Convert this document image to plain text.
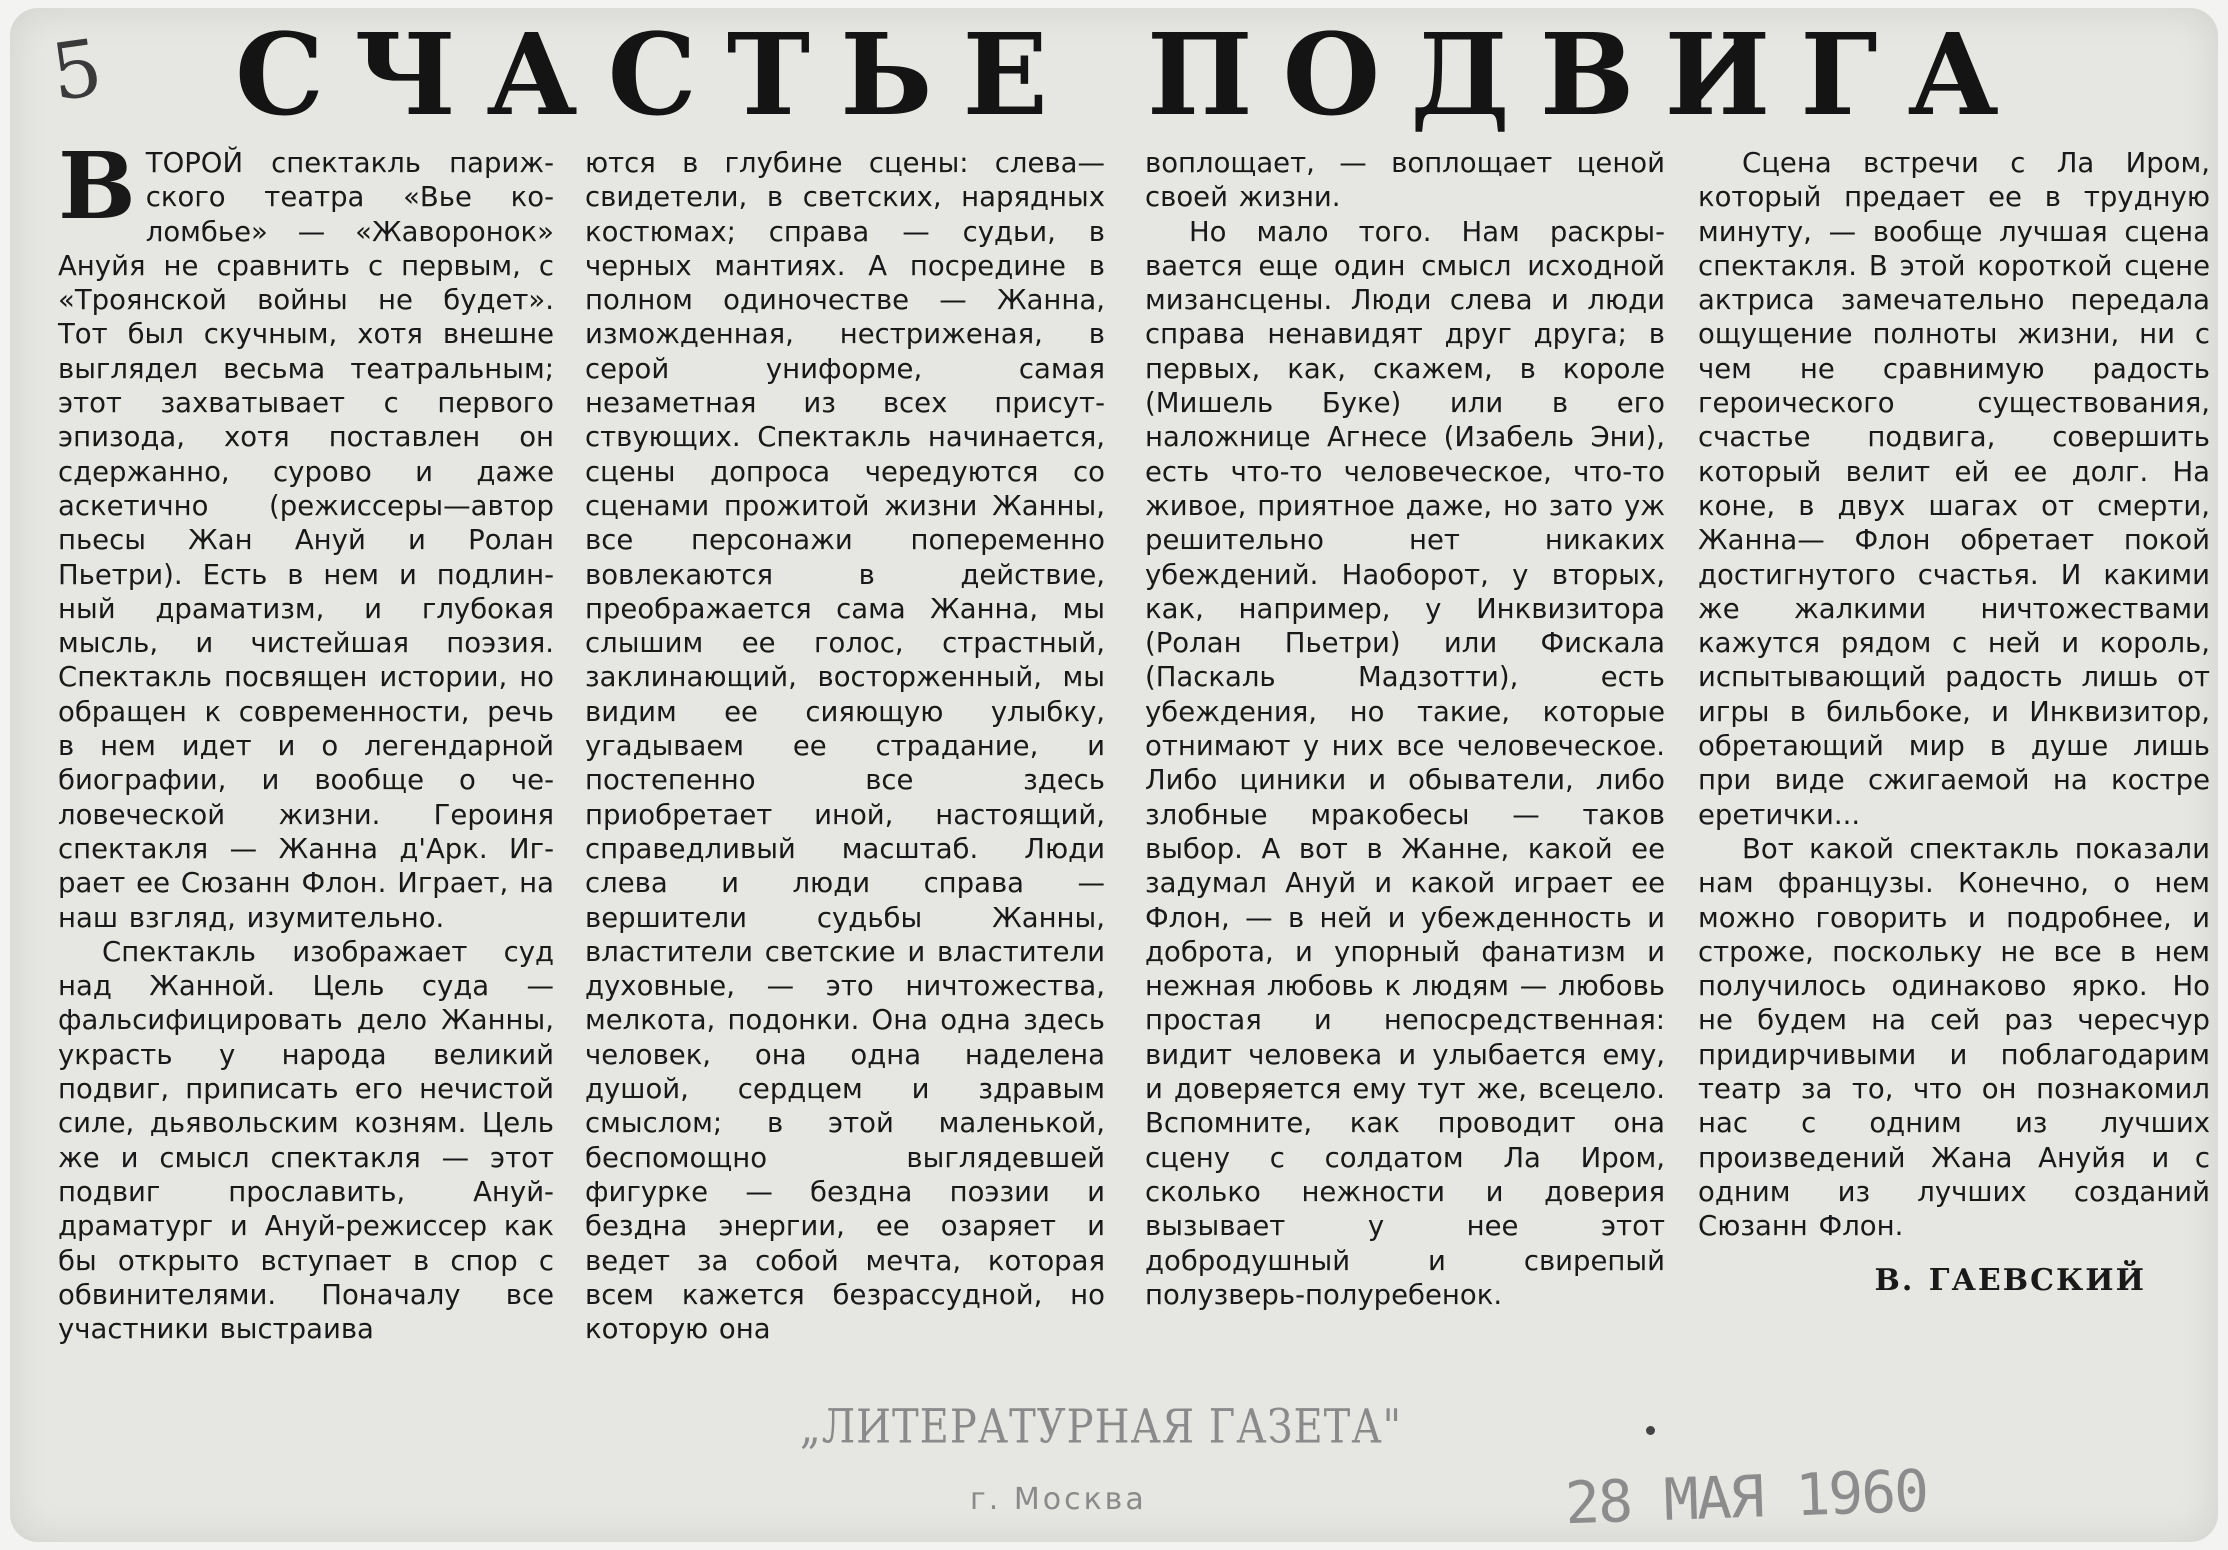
5 СЧАСТЬЕ ПОДВИГА

ВТОРОЙ спектакль парижского театра «Вье коломбье» — «Жаворонок» Ануйя не сравнить с первым, с «Троянской войны не будет». Тот был скучным, хотя внешне выглядел весьма театральным; этот захватывает с первого эпизода, хотя поставлен он сдержанно, сурово и даже аскетично (режиссеры—автор пьесы Жан Ануй и Ролан Пьетри). Есть в нем и подлинный драматизм, и глубокая мысль, и чистейшая поэзия. Спектакль посвящен истории, но обращен к современности, речь в нем идет и о легендарной биографии, и вообще о человеческой жизни. Героиня спектакля — Жанна д'Арк. Играет ее Сюзанн Флон. Играет, на наш взгляд, изумительно.

Спектакль изображает суд над Жанной. Цель суда — фальсифицировать дело Жанны, украсть у народа великий подвиг, приписать его нечистой силе, дьявольским козням. Цель же и смысл спектакля — этот подвиг прославить, Ануй-драматург и Ануй-режиссер как бы открыто вступает в спор с обвинителями. Поначалу все участники выстраива

ются в глубине сцены: слева— свидетели, в светских, нарядных костюмах; справа — судьи, в черных мантиях. А посредине в полном одиночестве — Жанна, изможденная, нестриженая, в серой униформе, самая незаметная из всех присутствующих. Спектакль начинается, сцены допроса чередуются со сценами прожитой жизни Жанны, все персонажи попеременно вовлекаются в действие, преображается сама Жанна, мы слышим ее голос, страстный, заклинающий, восторженный, мы видим ее сияющую улыбку, угадываем ее страдание, и постепенно все здесь приобретает иной, настоящий, справедливый масштаб. Люди слева и люди справа — вершители судьбы Жанны, властители светские и властители духовные, — это ничтожества, мелкота, подонки. Она одна здесь человек, она одна наделена душой, сердцем и здравым смыслом; в этой маленькой, беспомощно выглядевшей фигурке — бездна поэзии и бездна энергии, ее озаряет и ведет за собой мечта, которая всем кажется безрассудной, но которую она

воплощает, — воплощает ценой своей жизни.

Но мало того. Нам раскрывается еще один смысл исходной мизансцены. Люди слева и люди справа ненавидят друг друга; в первых, как, скажем, в короле (Мишель Буке) или в его наложнице Агнесе (Изабель Эни), есть что-то человеческое, что-то живое, приятное даже, но зато уж решительно нет никаких убеждений. Наоборот, у вторых, как, например, у Инквизитора (Ролан Пьетри) или Фискала (Паскаль Мадзотти), есть убеждения, но такие, которые отнимают у них все человеческое. Либо циники и обыватели, либо злобные мракобесы — таков выбор. А вот в Жанне, какой ее задумал Ануй и какой играет ее Флон, — в ней и убежденность и доброта, и упорный фанатизм и нежная любовь к людям — любовь простая и непосредственная: видит человека и улыбается ему, и доверяется ему тут же, всецело. Вспомните, как проводит она сцену с солдатом Ла Иром, сколько нежности и доверия вызывает у нее этот добродушный и свирепый полузверь-полуребенок.

Сцена встречи с Ла Иром, который предает ее в трудную минуту, — вообще лучшая сцена спектакля. В этой короткой сцене актриса замечательно передала ощущение полноты жизни, ни с чем не сравнимую радость герoического существования, счастье подвига, совершить который велит ей ее долг. На коне, в двух шагах от смерти, Жанна— Флон обретает покой достигнутого счастья. И какими же жалкими ничтожествами кажутся рядом с ней и король, испытывающий радость лишь от игры в бильбоке, и Инквизитор, обретающий мир в душе лишь при виде сжигаемой на костре еретички...

Вот какой спектакль показали нам французы. Конечно, о нем можно говорить и подробнее, и строже, поскольку не все в нем получилось одинаково ярко. Но не будем на сей раз чересчур придирчивыми и поблагодарим театр за то, что он познакомил нас с одним из лучших произведений Жана Ануйя и с одним из лучших созданий Сюзанн Флон.

В. ГАЕВСКИЙ
„ЛИТЕРАТУРНАЯ ГАЗЕТА"
г. Москва	28 МАЯ 1960
